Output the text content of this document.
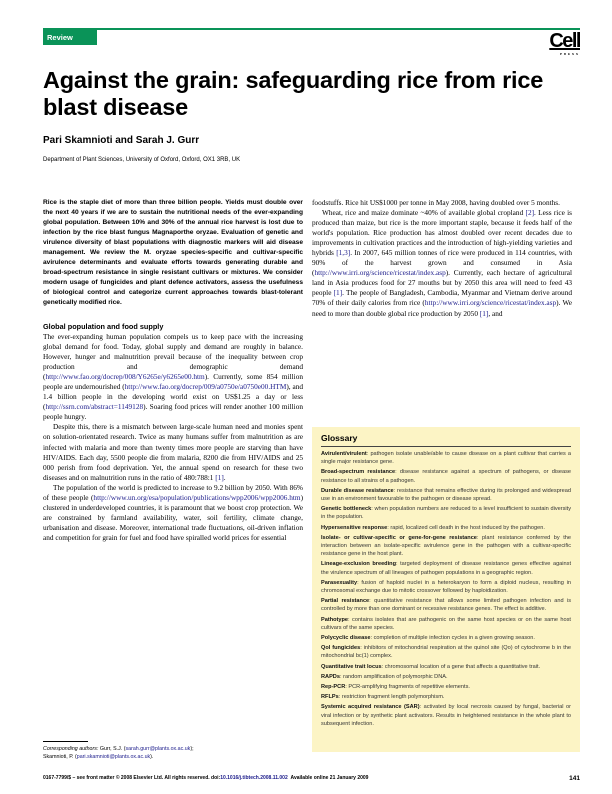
Review	Cell
PRESS
Against the grain: safeguarding rice from rice blast disease

Pari Skamnioti and Sarah J. Gurr

Department of Plant Sciences, University of Oxford, Oxford, OX1 3RB, UK

Rice is the staple diet of more than three billion people. Yields must double over the next 40 years if we are to sustain the nutritional needs of the ever-expanding global population. Between 10% and 30% of the annual rice harvest is lost due to infection by the rice blast fungus Magnaporthe oryzae. Evaluation of genetic and virulence diversity of blast populations with diagnostic markers will aid disease management. We review the M. oryzae species-specific and cultivar-specific avirulence determinants and evaluate efforts towards generating durable and broad-spectrum resistance in single resistant cultivars or mixtures. We consider modern usage of fungicides and plant defence activators, assess the usefulness of biological control and categorize current approaches towards blast-tolerant genetically modified rice.

Global population and food supply

The ever-expanding human population compels us to keep pace with the increasing global demand for food. Today, global supply and demand are roughly in balance. However, hunger and malnutrition prevail because of the inequality between crop production and demographic demand (http://www.fao.org/docrep/008/Y6265e/y6265e00.htm). Currently, some 854 million people are undernourished (http://www.fao.org/docrep/009/a0750e/a0750e00.HTM), and 1.4 billion people in the developing world exist on US$1.25 a day or less (http://ssrn.com/abstract=1149128). Soaring food prices will render another 100 million people hungry.

Despite this, there is a mismatch between large-scale human need and monies spent on solution-orientated research. Twice as many humans suffer from malnutrition as are infected with malaria and more than twenty times more people are starving than have HIV/AIDS. Each day, 5500 people die from malaria, 8200 die from HIV/AIDS and 25 000 perish from food deprivation. Yet, the annual spend on research for these two diseases and on malnutrition runs in the ratio of 480:788:1 [1].

The population of the world is predicted to increase to 9.2 billion by 2050. With 86% of these people (http://www.un.org/esa/population/publications/wpp2006/wpp2006.htm) clustered in underdeveloped countries, it is paramount that we boost crop protection. We are constrained by farmland availability, water, soil fertility, climate change, urbanisation and disease. Moreover, international trade fluctuations, oil-driven inflation and competition for grain for fuel and food have spiralled world prices for essential

foodstuffs. Rice hit US$1000 per tonne in May 2008, having doubled over 5 months.

Wheat, rice and maize dominate ~40% of available global cropland [2]. Less rice is produced than maize, but rice is the more important staple, because it feeds half of the world's population. Rice production has almost doubled over recent decades due to improvements in cultivation practices and the introduction of high-yielding varieties and hybrids [1,3]. In 2007, 645 million tonnes of rice were produced in 114 countries, with 90% of the harvest grown and consumed in Asia (http://www.irri.org/science/ricestat/index.asp). Currently, each hectare of agricultural land in Asia produces food for 27 mouths but by 2050 this area will need to feed 43 people [1]. The people of Bangladesh, Cambodia, Myanmar and Vietnam derive around 70% of their daily calories from rice (http://www.irri.org/science/ricestat/index.asp). We need to more than double global rice production by 2050 [1], and

Glossary

Avirulent/virulent: pathogen isolate unable/able to cause disease on a plant cultivar that carries a single major resistance gene.

Broad-spectrum resistance: disease resistance against a spectrum of pathogens, or disease resistance to all strains of a pathogen.

Durable disease resistance: resistance that remains effective during its prolonged and widespread use in an environment favourable to the pathogen or disease spread.

Genetic bottleneck: when population numbers are reduced to a level insufficient to sustain diversity in the population.

Hypersensitive response: rapid, localized cell death in the host induced by the pathogen.

Isolate- or cultivar-specific or gene-for-gene resistance: plant resistance conferred by the interaction between an isolate-specific avirulence gene in the pathogen with a cultivar-specific resistance gene in the host plant.

Lineage-exclusion breeding: targeted deployment of disease resistance genes effective against the virulence spectrum of all lineages of pathogen populations in a geographic region.

Parasexuality: fusion of haploid nuclei in a heterokaryon to form a diploid nucleus, resulting in chromosomal exchange due to mitotic crossover followed by haploidization.

Partial resistance: quantitative resistance that allows some limited pathogen infection and is controlled by more than one dominant or recessive resistance genes. The effect is additive.

Pathotype: contains isolates that are pathogenic on the same host species or on the same host cultivars of the same species.

Polycyclic disease: completion of multiple infection cycles in a given growing season.

QoI fungicides: inhibitors of mitochondrial respiration at the quinol site (Qo) of cytochrome b in the mitochondrial bc(1) complex.

Quantitative trait locus: chromosomal location of a gene that affects a quantitative trait.

RAPDs: random amplification of polymorphic DNA.

Rep-PCR: PCR-amplifying fragments of repetitive elements.

RFLPs: restriction fragment length polymorphism.

Systemic acquired resistance (SAR): activated by local necrosis caused by fungal, bacterial or viral infection or by synthetic plant activators. Results in heightened resistance in the whole plant to subsequent infection.

Corresponding authors: Gurr, S.J. (sarah.gurr@plants.ox.ac.uk);
Skamnioti, P. (pari.skamnioti@plants.ox.ac.uk).

0167-7799/$ – see front matter © 2008 Elsevier Ltd. All rights reserved. doi:10.1016/j.tibtech.2008.11.002 Available online 21 January 2009	141
